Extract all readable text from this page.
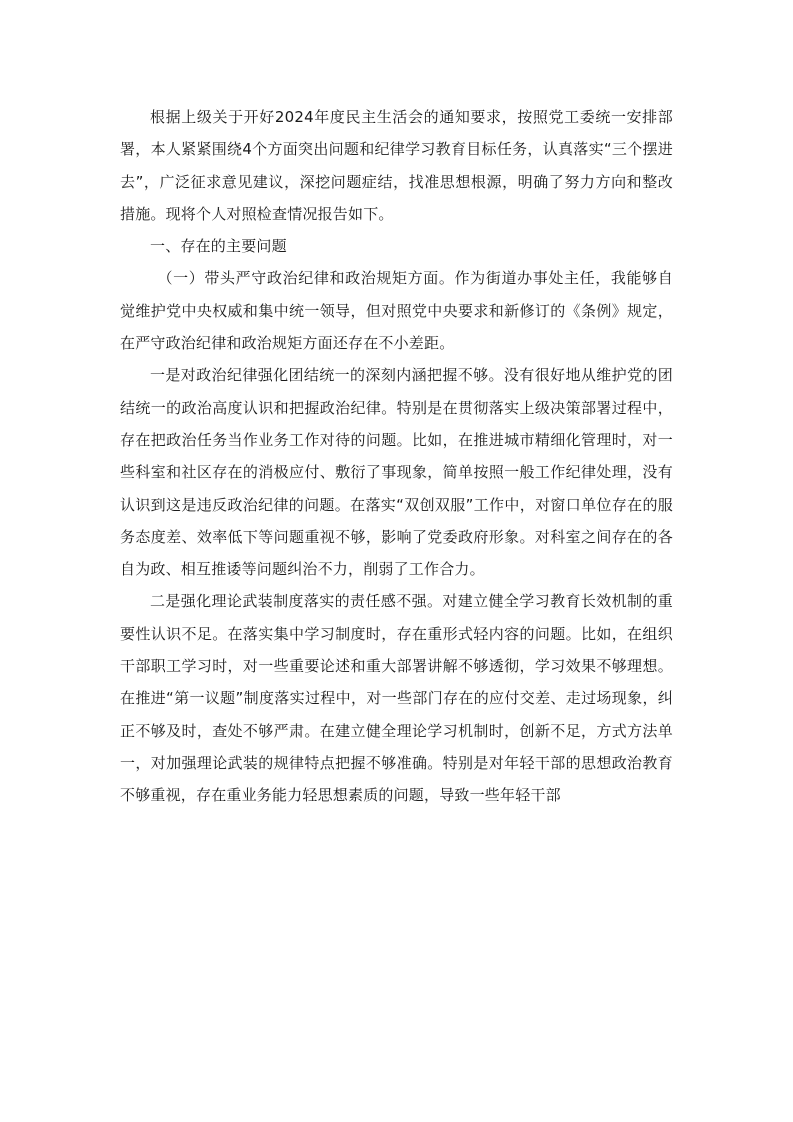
根据上级关于开好2024年度民主生活会的通知要求，按照党工委统一安排部署，本人紧紧围绕4个方面突出问题和纪律学习教育目标任务，认真落实“三个摆进去”，广泛征求意见建议，深挖问题症结，找准思想根源，明确了努力方向和整改措施。现将个人对照检查情况报告如下。

一、存在的主要问题

（一）带头严守政治纪律和政治规矩方面。作为街道办事处主任，我能够自觉维护党中央权威和集中统一领导，但对照党中央要求和新修订的《条例》规定，在严守政治纪律和政治规矩方面还存在不小差距。

一是对政治纪律强化团结统一的深刻内涵把握不够。没有很好地从维护党的团结统一的政治高度认识和把握政治纪律。特别是在贯彻落实上级决策部署过程中，存在把政治任务当作业务工作对待的问题。比如，在推进城市精细化管理时，对一些科室和社区存在的消极应付、敷衍了事现象，简单按照一般工作纪律处理，没有认识到这是违反政治纪律的问题。在落实“双创双服”工作中，对窗口单位存在的服务态度差、效率低下等问题重视不够，影响了党委政府形象。对科室之间存在的各自为政、相互推诿等问题纠治不力，削弱了工作合力。

二是强化理论武装制度落实的责任感不强。对建立健全学习教育长效机制的重要性认识不足。在落实集中学习制度时，存在重形式轻内容的问题。比如，在组织干部职工学习时，对一些重要论述和重大部署讲解不够透彻，学习效果不够理想。在推进“第一议题”制度落实过程中，对一些部门存在的应付交差、走过场现象，纠正不够及时，查处不够严肃。在建立健全理论学习机制时，创新不足，方式方法单一，对加强理论武装的规律特点把握不够准确。特别是对年轻干部的思想政治教育不够重视，存在重业务能力轻思想素质的问题，导致一些年轻干部
